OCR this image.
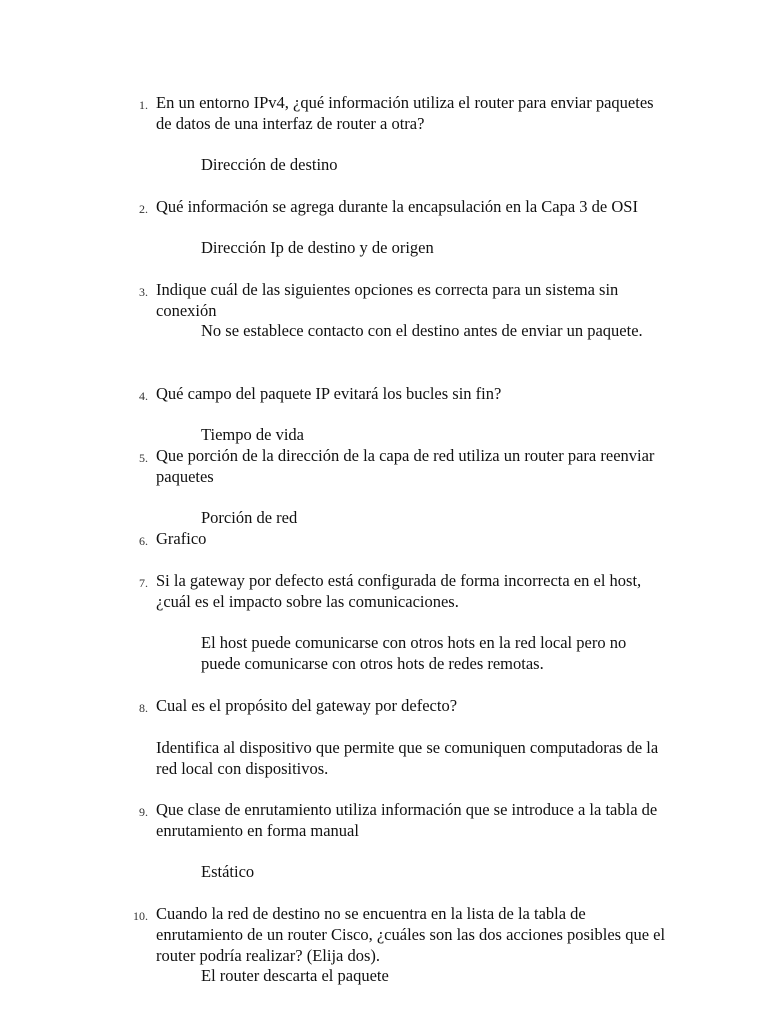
1. En un entorno IPv4, ¿qué información utiliza el router para enviar paquetes de datos de una interfaz de router a otra?
Dirección de destino
2. Qué información se agrega durante la encapsulación en la Capa 3 de OSI
Dirección Ip de destino y de origen
3. Indique cuál de las siguientes opciones es correcta para un sistema sin conexión
No se establece contacto con el destino antes de enviar un paquete.
4. Qué campo del paquete IP evitará los bucles sin fin?
Tiempo de vida
5. Que porción de la dirección de la capa de red utiliza un router para reenviar paquetes
Porción de red
6. Grafico
7. Si la gateway por defecto está configurada de forma incorrecta en el host, ¿cuál es el impacto sobre las comunicaciones.
El host puede comunicarse con otros hots en la red local pero no puede comunicarse con otros hots de redes remotas.
8. Cual es el propósito del gateway por defecto?
Identifica al dispositivo que permite que se comuniquen computadoras de la red local con dispositivos.
9. Que clase de enrutamiento utiliza información que se introduce a la tabla de enrutamiento en forma manual
Estático
10. Cuando la red de destino no se encuentra en la lista de la tabla de enrutamiento de un router Cisco, ¿cuáles son las dos acciones posibles que el router podría realizar? (Elija dos).
El router descarta el paquete
